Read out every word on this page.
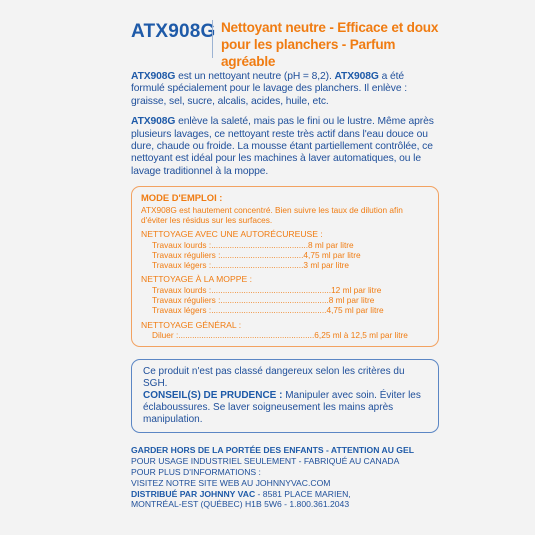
ATX908G Nettoyant neutre - Efficace et doux
pour les planchers - Parfum agréable

ATX908G est un nettoyant neutre (pH = 8,2). ATX908G a été formulé spécialement pour le lavage des planchers. Il enlève : graisse, sel, sucre, alcalis, acides, huile, etc.

ATX908G enlève la saleté, mais pas le fini ou le lustre. Même après plusieurs lavages, ce nettoyant reste très actif dans l'eau douce ou dure, chaude ou froide. La mousse étant partiellement contrôlée, ce nettoyant est idéal pour les machines à laver automatiques, ou le lavage traditionnel à la moppe.

MODE D'EMPLOI :
ATX908G est hautement concentré. Bien suivre les taux de dilution afin d'éviter les résidus sur les surfaces.
NETTOYAGE AVEC UNE AUTORÉCUREUSE :
Travaux lourds : .......................................... 8 ml par litre
Travaux réguliers : .................................... 4,75 ml par litre
Travaux légers : ........................................ 3 ml par litre
NETTOYAGE À LA MOPPE :
Travaux lourds : .................................................... 12 ml par litre
Travaux réguliers : ............................................... 8 ml par litre
Travaux légers : .................................................. 4,75 ml par litre
NETTOYAGE GÉNÉRAL :
Diluer : ........................................................... 6,25 ml à 12,5 ml par litre
Ce produit n'est pas classé dangereux selon les critères du SGH.
CONSEIL(S) DE PRUDENCE : Manipuler avec soin. Éviter les éclaboussures. Se laver soigneusement les mains après manipulation.
GARDER HORS DE LA PORTÉE DES ENFANTS - ATTENTION AU GEL
POUR USAGE INDUSTRIEL SEULEMENT - FABRIQUÉ AU CANADA
POUR PLUS D'INFORMATIONS :
VISITEZ NOTRE SITE WEB AU JOHNNYVAC.COM
DISTRIBUÉ PAR JOHNNY VAC - 8581 PLACE MARIEN,
MONTRÉAL-EST (QUÉBEC) H1B 5W6 - 1.800.361.2043
